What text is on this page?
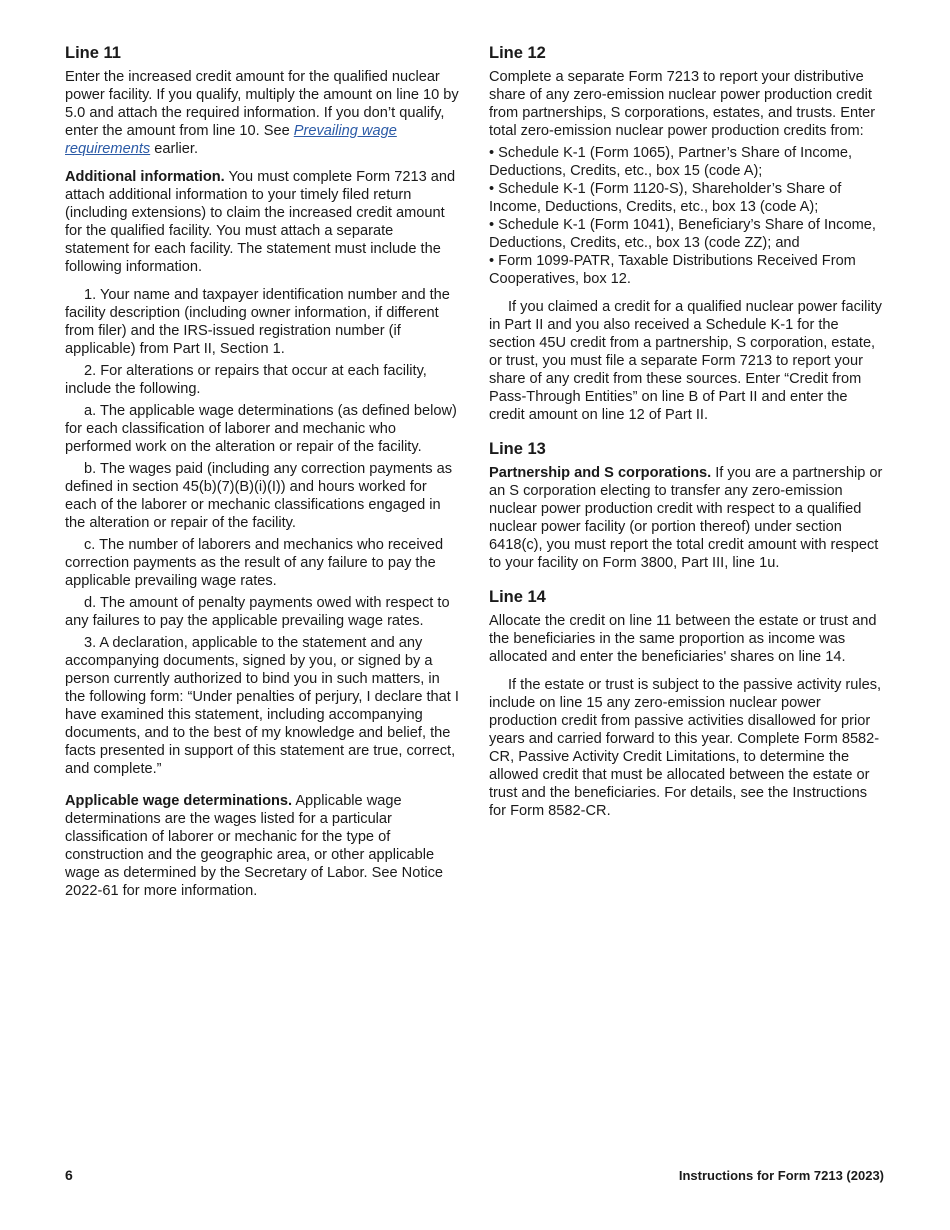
Line 11

Enter the increased credit amount for the qualified nuclear power facility. If you qualify, multiply the amount on line 10 by 5.0 and attach the required information. If you don’t qualify, enter the amount from line 10. See Prevailing wage requirements earlier.

Additional information. You must complete Form 7213 and attach additional information to your timely filed return (including extensions) to claim the increased credit amount for the qualified facility. You must attach a separate statement for each facility. The statement must include the following information.

1. Your name and taxpayer identification number and the facility description (including owner information, if different from filer) and the IRS-issued registration number (if applicable) from Part II, Section 1.

2. For alterations or repairs that occur at each facility, include the following.

a. The applicable wage determinations (as defined below) for each classification of laborer and mechanic who performed work on the alteration or repair of the facility.

b. The wages paid (including any correction payments as defined in section 45(b)(7)(B)(i)(I)) and hours worked for each of the laborer or mechanic classifications engaged in the alteration or repair of the facility.

c. The number of laborers and mechanics who received correction payments as the result of any failure to pay the applicable prevailing wage rates.

d. The amount of penalty payments owed with respect to any failures to pay the applicable prevailing wage rates.

3. A declaration, applicable to the statement and any accompanying documents, signed by you, or signed by a person currently authorized to bind you in such matters, in the following form: “Under penalties of perjury, I declare that I have examined this statement, including accompanying documents, and to the best of my knowledge and belief, the facts presented in support of this statement are true, correct, and complete.”

Applicable wage determinations. Applicable wage determinations are the wages listed for a particular classification of laborer or mechanic for the type of construction and the geographic area, or other applicable wage as determined by the Secretary of Labor. See Notice 2022-61 for more information.

Line 12

Complete a separate Form 7213 to report your distributive share of any zero-emission nuclear power production credit from partnerships, S corporations, estates, and trusts. Enter total zero-emission nuclear power production credits from:

• Schedule K-1 (Form 1065), Partner’s Share of Income, Deductions, Credits, etc., box 15 (code A);
• Schedule K-1 (Form 1120-S), Shareholder’s Share of Income, Deductions, Credits, etc., box 13 (code A);
• Schedule K-1 (Form 1041), Beneficiary’s Share of Income, Deductions, Credits, etc., box 13 (code ZZ); and
• Form 1099-PATR, Taxable Distributions Received From Cooperatives, box 12.

If you claimed a credit for a qualified nuclear power facility in Part II and you also received a Schedule K-1 for the section 45U credit from a partnership, S corporation, estate, or trust, you must file a separate Form 7213 to report your share of any credit from these sources. Enter “Credit from Pass-Through Entities” on line B of Part II and enter the credit amount on line 12 of Part II.

Line 13

Partnership and S corporations. If you are a partnership or an S corporation electing to transfer any zero-emission nuclear power production credit with respect to a qualified nuclear power facility (or portion thereof) under section 6418(c), you must report the total credit amount with respect to your facility on Form 3800, Part III, line 1u.

Line 14

Allocate the credit on line 11 between the estate or trust and the beneficiaries in the same proportion as income was allocated and enter the beneficiaries' shares on line 14.

If the estate or trust is subject to the passive activity rules, include on line 15 any zero-emission nuclear power production credit from passive activities disallowed for prior years and carried forward to this year. Complete Form 8582-CR, Passive Activity Credit Limitations, to determine the allowed credit that must be allocated between the estate or trust and the beneficiaries. For details, see the Instructions for Form 8582-CR.

6	Instructions for Form 7213 (2023)
